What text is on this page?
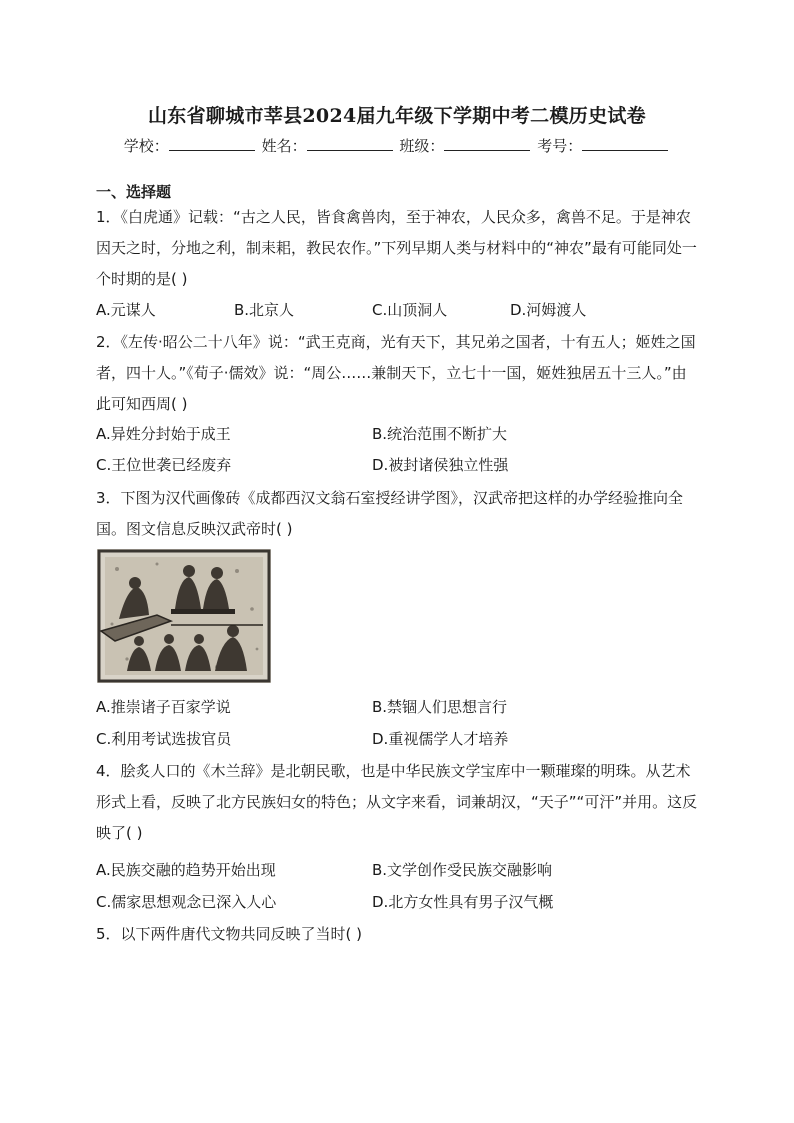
山东省聊城市莘县2024届九年级下学期中考二模历史试卷
学校：	姓名：	班级：	考号：
一、选择题
1．《白虎通》记载：“古之人民，皆食禽兽肉，至于神农，人民众多，禽兽不足。于是神农因天之时，分地之利，制耒耜，教民农作。”下列早期人类与材料中的“神农”最有可能同处一个时期的是( )
A.元谋人	B.北京人	C.山顶洞人	D.河姆渡人
2．《左传·昭公二十八年》说：“武王克商，光有天下，其兄弟之国者，十有五人；姬姓之国者，四十人。”《荀子·儒效》说：“周公……兼制天下，立七十一国，姬姓独居五十三人。”由此可知西周( )
A.异姓分封始于成王	B.统治范围不断扩大
C.王位世袭已经废弃	D.被封诸侯独立性强
3．下图为汉代画像砖《成都西汉文翁石室授经讲学图》，汉武帝把这样的办学经验推向全国。图文信息反映汉武帝时( )
A.推崇诸子百家学说	B.禁锢人们思想言行
C.利用考试选拔官员	D.重视儒学人才培养
4．脍炙人口的《木兰辞》是北朝民歌，也是中华民族文学宝库中一颗璀璨的明珠。从艺术形式上看，反映了北方民族妇女的特色；从文字来看，词兼胡汉，“天子”“可汗”并用。这反映了( )
A.民族交融的趋势开始出现	B.文学创作受民族交融影响
C.儒家思想观念已深入人心	D.北方女性具有男子汉气概
5．以下两件唐代文物共同反映了当时( )
